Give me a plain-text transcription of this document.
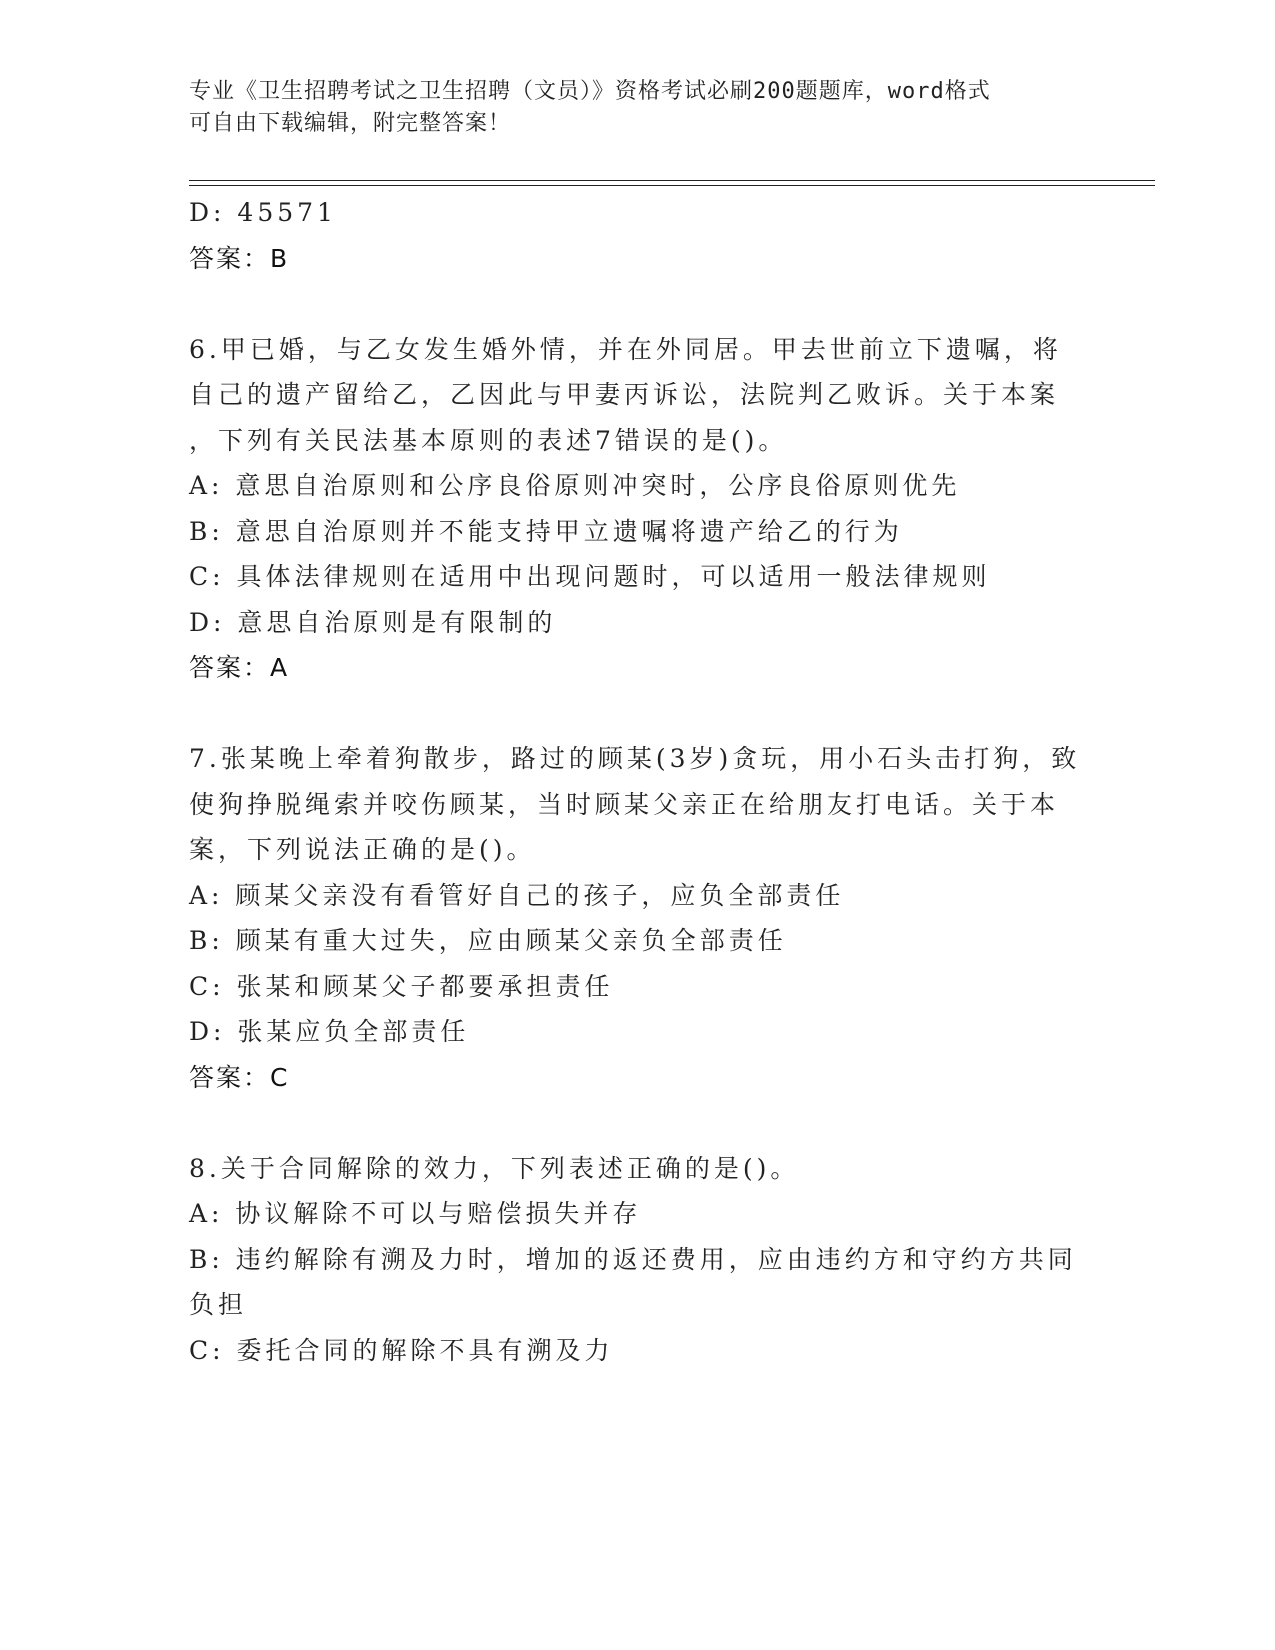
专业《卫生招聘考试之卫生招聘（文员）》资格考试必刷200题题库，word格式
可自由下载编辑，附完整答案！
D: 45571
答案：B
6.甲已婚，与乙女发生婚外情，并在外同居。甲去世前立下遗嘱，将
自己的遗产留给乙，乙因此与甲妻丙诉讼，法院判乙败诉。关于本案
，下列有关民法基本原则的表述7错误的是()。
A: 意思自治原则和公序良俗原则冲突时，公序良俗原则优先
B: 意思自治原则并不能支持甲立遗嘱将遗产给乙的行为
C: 具体法律规则在适用中出现问题时，可以适用一般法律规则
D: 意思自治原则是有限制的
答案：A
7.张某晚上牵着狗散步，路过的顾某(3岁)贪玩，用小石头击打狗，致
使狗挣脱绳索并咬伤顾某，当时顾某父亲正在给朋友打电话。关于本
案，下列说法正确的是()。
A: 顾某父亲没有看管好自己的孩子，应负全部责任
B: 顾某有重大过失，应由顾某父亲负全部责任
C: 张某和顾某父子都要承担责任
D: 张某应负全部责任
答案：C
8.关于合同解除的效力，下列表述正确的是()。
A: 协议解除不可以与赔偿损失并存
B: 违约解除有溯及力时，增加的返还费用，应由违约方和守约方共同
负担
C: 委托合同的解除不具有溯及力
